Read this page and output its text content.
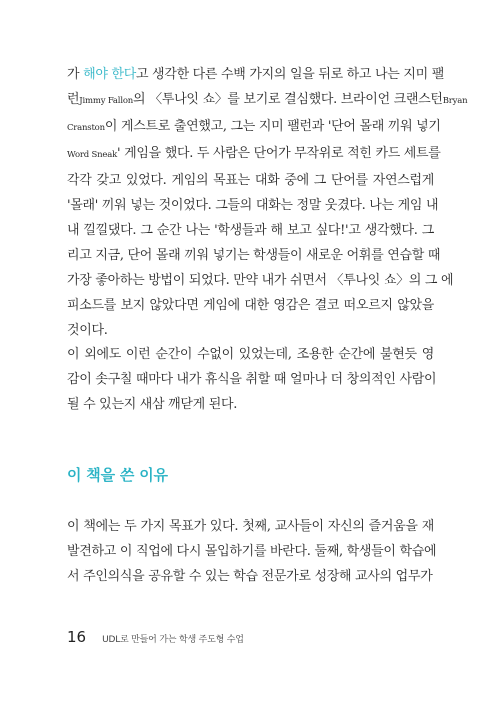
가 해야 한다고 생각한 다른 수백 가지의 일을 뒤로 하고 나는 지미 팰
런Jimmy Fallon의 〈투나잇 쇼〉를 보기로 결심했다. 브라이언 크랜스턴Bryan
Cranston이 게스트로 출연했고, 그는 지미 팰런과 '단어 몰래 끼워 넣기
Word Sneak' 게임을 했다. 두 사람은 단어가 무작위로 적힌 카드 세트를
각각 갖고 있었다. 게임의 목표는 대화 중에 그 단어를 자연스럽게
'몰래' 끼워 넣는 것이었다. 그들의 대화는 정말 웃겼다. 나는 게임 내
내 낄낄댔다. 그 순간 나는 '학생들과 해 보고 싶다!'고 생각했다. 그
리고 지금, 단어 몰래 끼워 넣기는 학생들이 새로운 어휘를 연습할 때
가장 좋아하는 방법이 되었다. 만약 내가 쉬면서 〈투나잇 쇼〉의 그 에
피소드를 보지 않았다면 게임에 대한 영감은 결코 떠오르지 않았을
것이다.
이 외에도 이런 순간이 수없이 있었는데, 조용한 순간에 불현듯 영
감이 솟구칠 때마다 내가 휴식을 취할 때 얼마나 더 창의적인 사람이
될 수 있는지 새삼 깨닫게 된다.
이 책을 쓴 이유
이 책에는 두 가지 목표가 있다. 첫째, 교사들이 자신의 즐거움을 재
발견하고 이 직업에 다시 몰입하기를 바란다. 둘째, 학생들이 학습에
서 주인의식을 공유할 수 있는 학습 전문가로 성장해 교사의 업무가
16 UDL로 만들어 가는 학생 주도형 수업
